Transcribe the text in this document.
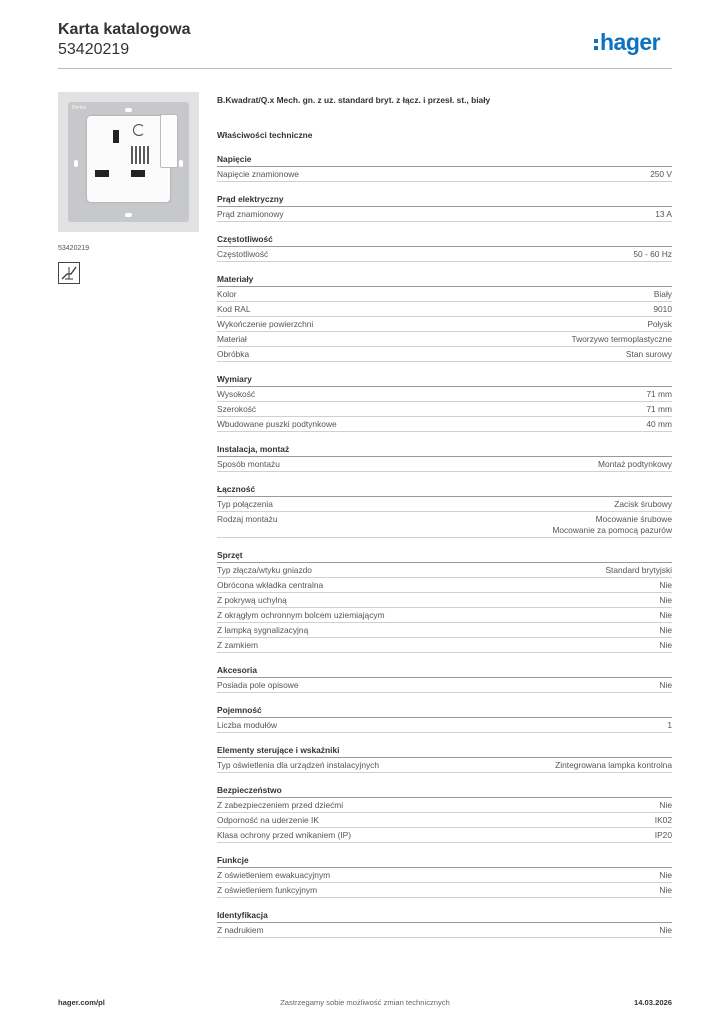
Karta katalogowa
53420219	hager
Berker
53420219
B.Kwadrat/Q.x Mech. gn. z uz. standard bryt. z łącz. i przesł. st., biały
Właściwości techniczne
Napięcie
Napięcie znamionowe	250 V
Prąd elektryczny
Prąd znamionowy	13 A
Częstotliwość
Częstotliwość	50 - 60 Hz
Materiały
Kolor	Biały
Kod RAL	9010
Wykończenie powierzchni	Połysk
Materiał	Tworzywo termoplastyczne
Obróbka	Stan surowy
Wymiary
Wysokość	71 mm
Szerokość	71 mm
Wbudowane puszki podtynkowe	40 mm
Instalacja, montaż
Sposób montażu	Montaż podtynkowy
Łączność
Typ połączenia	Zacisk śrubowy
Rodzaj montażu	Mocowanie śrubowe
Mocowanie za pomocą pazurów
Sprzęt
Typ złącza/wtyku gniazdo	Standard brytyjski
Obrócona wkładka centralna	Nie
Z pokrywą uchylną	Nie
Z okrągłym ochronnym bolcem uziemiającym	Nie
Z lampką sygnalizacyjną	Nie
Z zamkiem	Nie
Akcesoria
Posiada pole opisowe	Nie
Pojemność
Liczba modułów	1
Elementy sterujące i wskaźniki
Typ oświetlenia dla urządzeń instalacyjnych	Zintegrowana lampka kontrolna
Bezpieczeństwo
Z zabezpieczeniem przed dziećmi	Nie
Odporność na uderzenie IK	IK02
Klasa ochrony przed wnikaniem (IP)	IP20
Funkcje
Z oświetleniem ewakuacyjnym	Nie
Z oświetleniem funkcyjnym	Nie
Identyfikacja
Z nadrukiem	Nie
hager.com/pl	Zastrzegamy sobie możliwość zmian technicznych	14.03.2026
